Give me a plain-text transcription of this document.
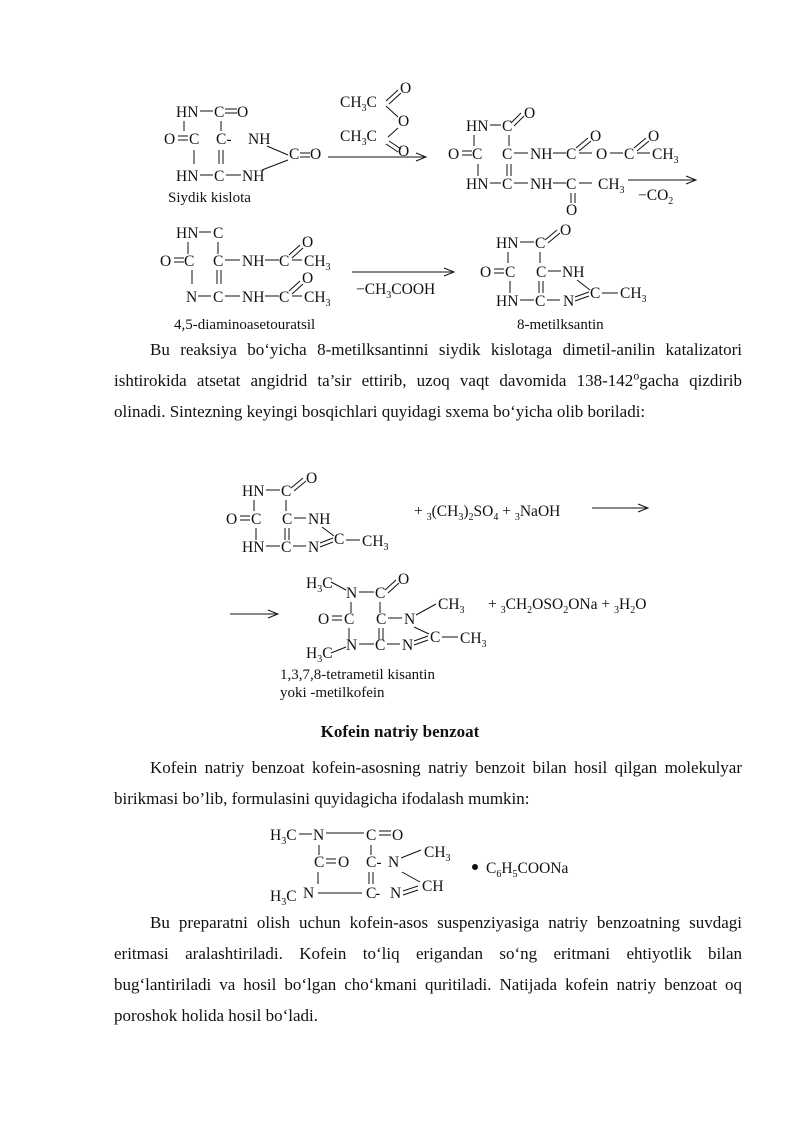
HN C O
O C C- NH
C O
HN C NH
Siydik kislota
$CH_3C$
O
O
$CH_3C$
O
HN C
O
O C C NH C
O
O C
O
$CH_3$
HN C NH C $CH_3$
O
$-CO_2$
HN C
O C C NH C
O
$CH_3$
N C NH C
O
$CH_3$
4,5-diaminoasetouratsil
$-CH_3COOH$
HN C
O
O C C NH
HN C N C $CH_3$
8-metilksantin

Bu reaksiya bo‘yicha 8-metilksantinni siydik kislotaga dimetil-anilin katalizatori ishtirokida atsetat angidrid ta’sir ettirib, uzoq vaqt davomida 138-142$^o$gacha qizdirib olinadi. Sintezning keyingi bosqichlari quyidagi sxema bo‘yicha olib boriladi:

HN C
O
O C C NH
HN C N C $CH_3$
+ $_3(CH_3)_2SO_4$ + $_3$NaOH
$H_3C$
N C
O
O C C N
$CH_3$
$H_3C$ N C N C $CH_3$
+ $_3CH_2OSO_2ONa + _3H_2O$
1,3,7,8-tetrametil kisantin
yoki -metilkofein

Kofein natriy benzoat

Kofein natriy benzoat kofein-asosning natriy benzoit bilan hosil qilgan molekulyar birikmasi bo’lib, formulasini quyidagicha ifodalash mumkin:

$H_3C$ N	C O
C O C- N
$CH_3$
$H_3C$ N	C
- N CH
$C_6H_5COONa$

Bu preparatni olish uchun kofein-asos suspenziyasiga natriy benzoatning suvdagi eritmasi aralashtiriladi. Kofein to‘liq erigandan so‘ng eritmani ehtiyotlik bilan bug‘lantiriladi va hosil bo‘lgan cho‘kmani quritiladi. Natijada kofein natriy benzoat oq poroshok holida hosil bo‘ladi.
